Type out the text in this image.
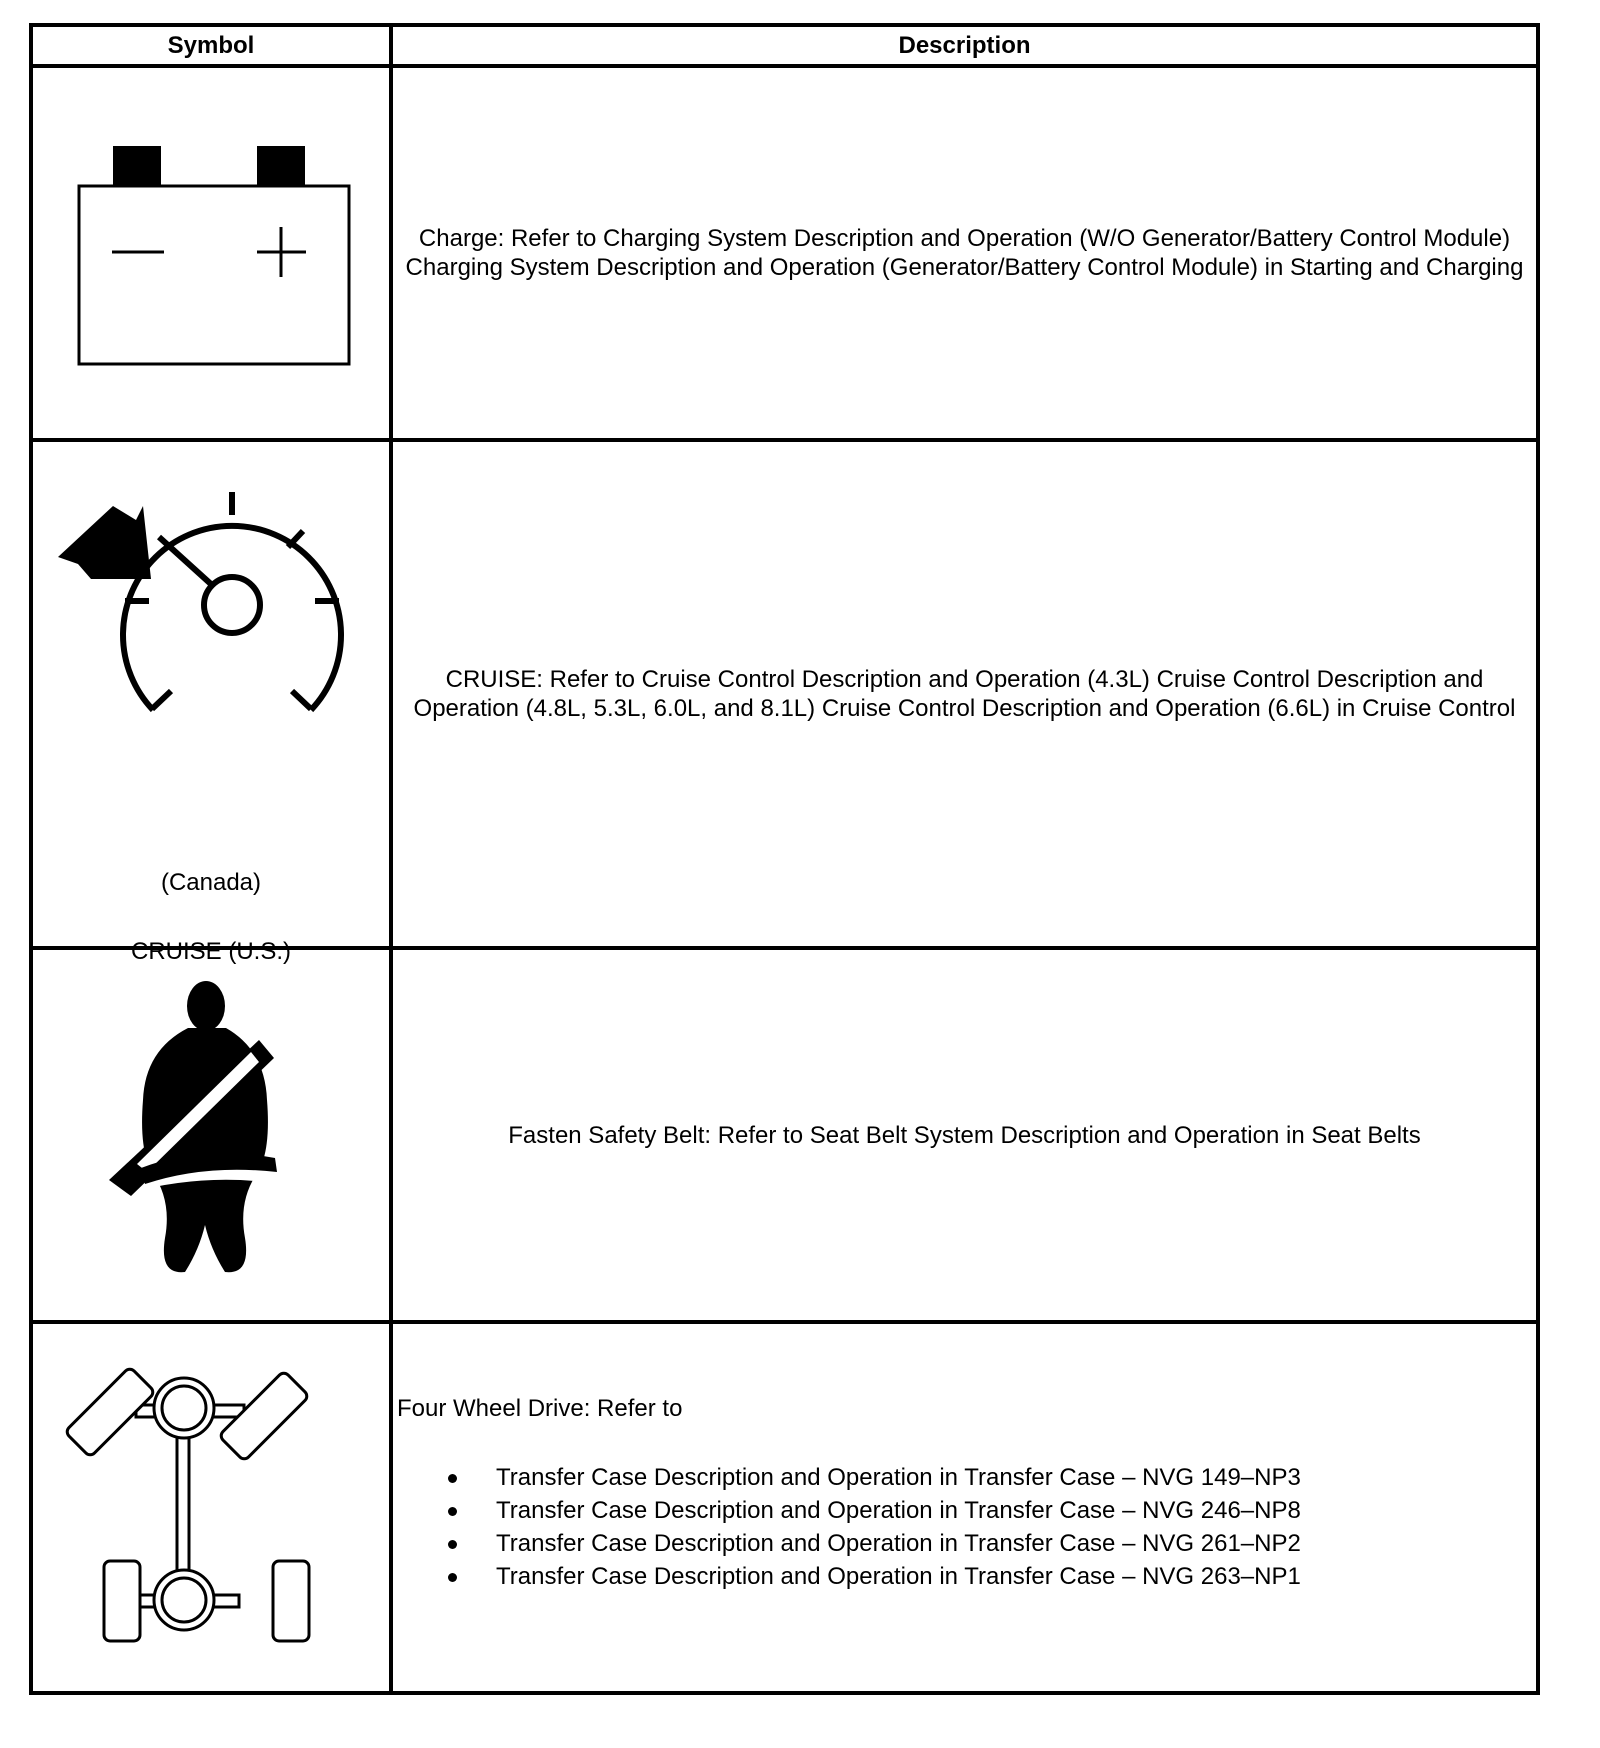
Symbol	Description
Charge: Refer to Charging System Description and Operation (W/O Generator/Battery Control Module) Charging System Description and Operation (Generator/Battery Control Module) in Starting and Charging
(Canada)
CRUISE (U.S.)
CRUISE: Refer to Cruise Control Description and Operation (4.3L) Cruise Control Description and Operation (4.8L, 5.3L, 6.0L, and 8.1L) Cruise Control Description and Operation (6.6L) in Cruise Control
Fasten Safety Belt: Refer to Seat Belt System Description and Operation in Seat Belts
Four Wheel Drive: Refer to
Transfer Case Description and Operation in Transfer Case – NVG 149–NP3
Transfer Case Description and Operation in Transfer Case – NVG 246–NP8
Transfer Case Description and Operation in Transfer Case – NVG 261–NP2
Transfer Case Description and Operation in Transfer Case – NVG 263–NP1
